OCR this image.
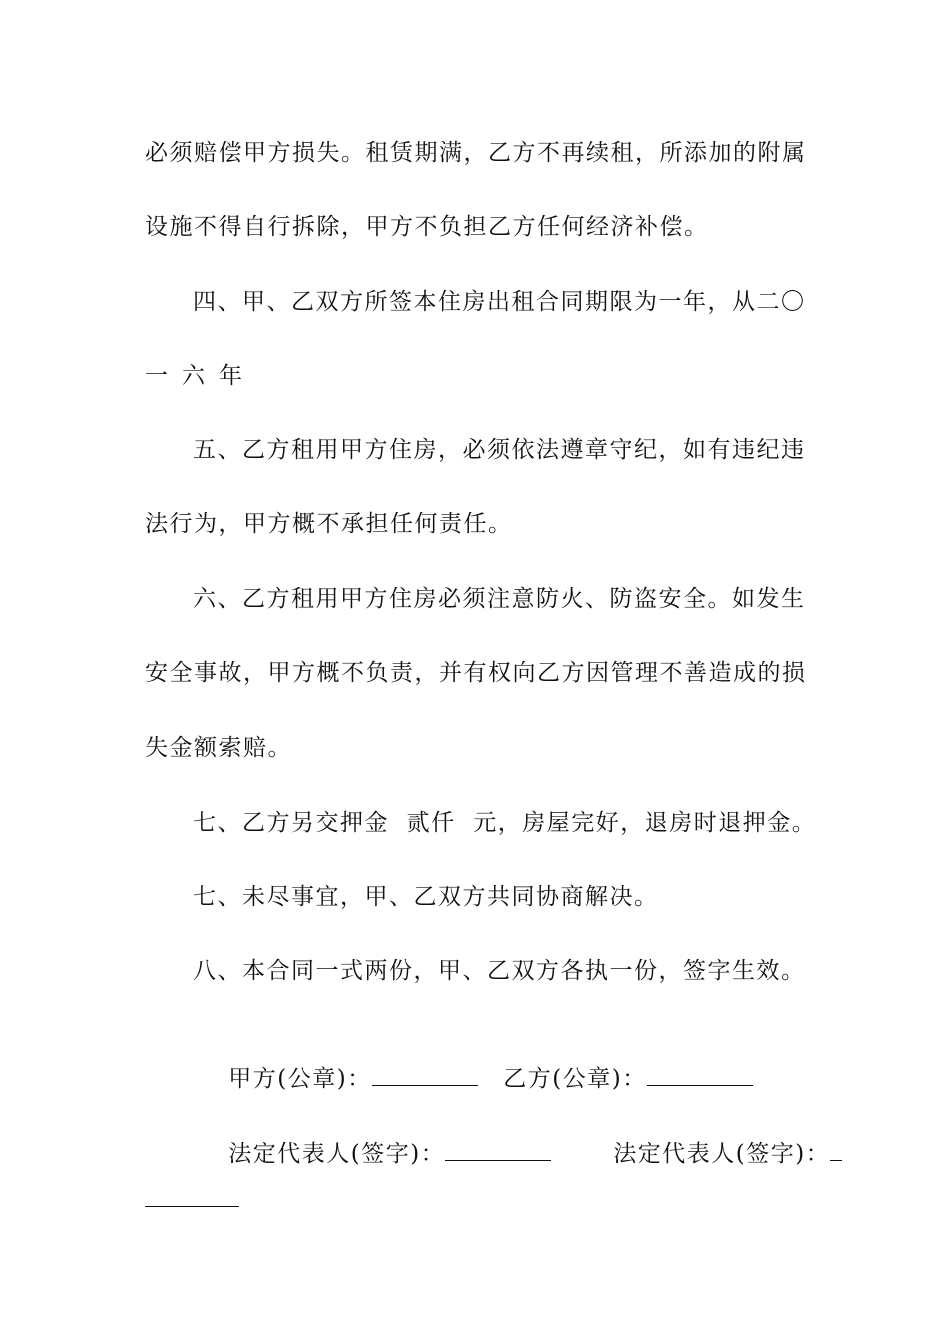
必须赔偿甲方损失。租赁期满，乙方不再续租，所添加的附属
设施不得自行拆除，甲方不负担乙方任何经济补偿。
四、甲、乙双方所签本住房出租合同期限为一年，从二〇
一六年
五、乙方租用甲方住房，必须依法遵章守纪，如有违纪违
法行为，甲方概不承担任何责任。
六、乙方租用甲方住房必须注意防火、防盗安全。如发生
安全事故，甲方概不负责，并有权向乙方因管理不善造成的损
失金额索赔。
七、乙方另交押金  贰仟  元，房屋完好，退房时退押金。
七、未尽事宜，甲、乙双方共同协商解决。
八、本合同一式两份，甲、乙双方各执一份，签字生效。

甲方(公章)：
	乙方(公章)：

法定代表人(签字)：
	法定代表人(签字)：
